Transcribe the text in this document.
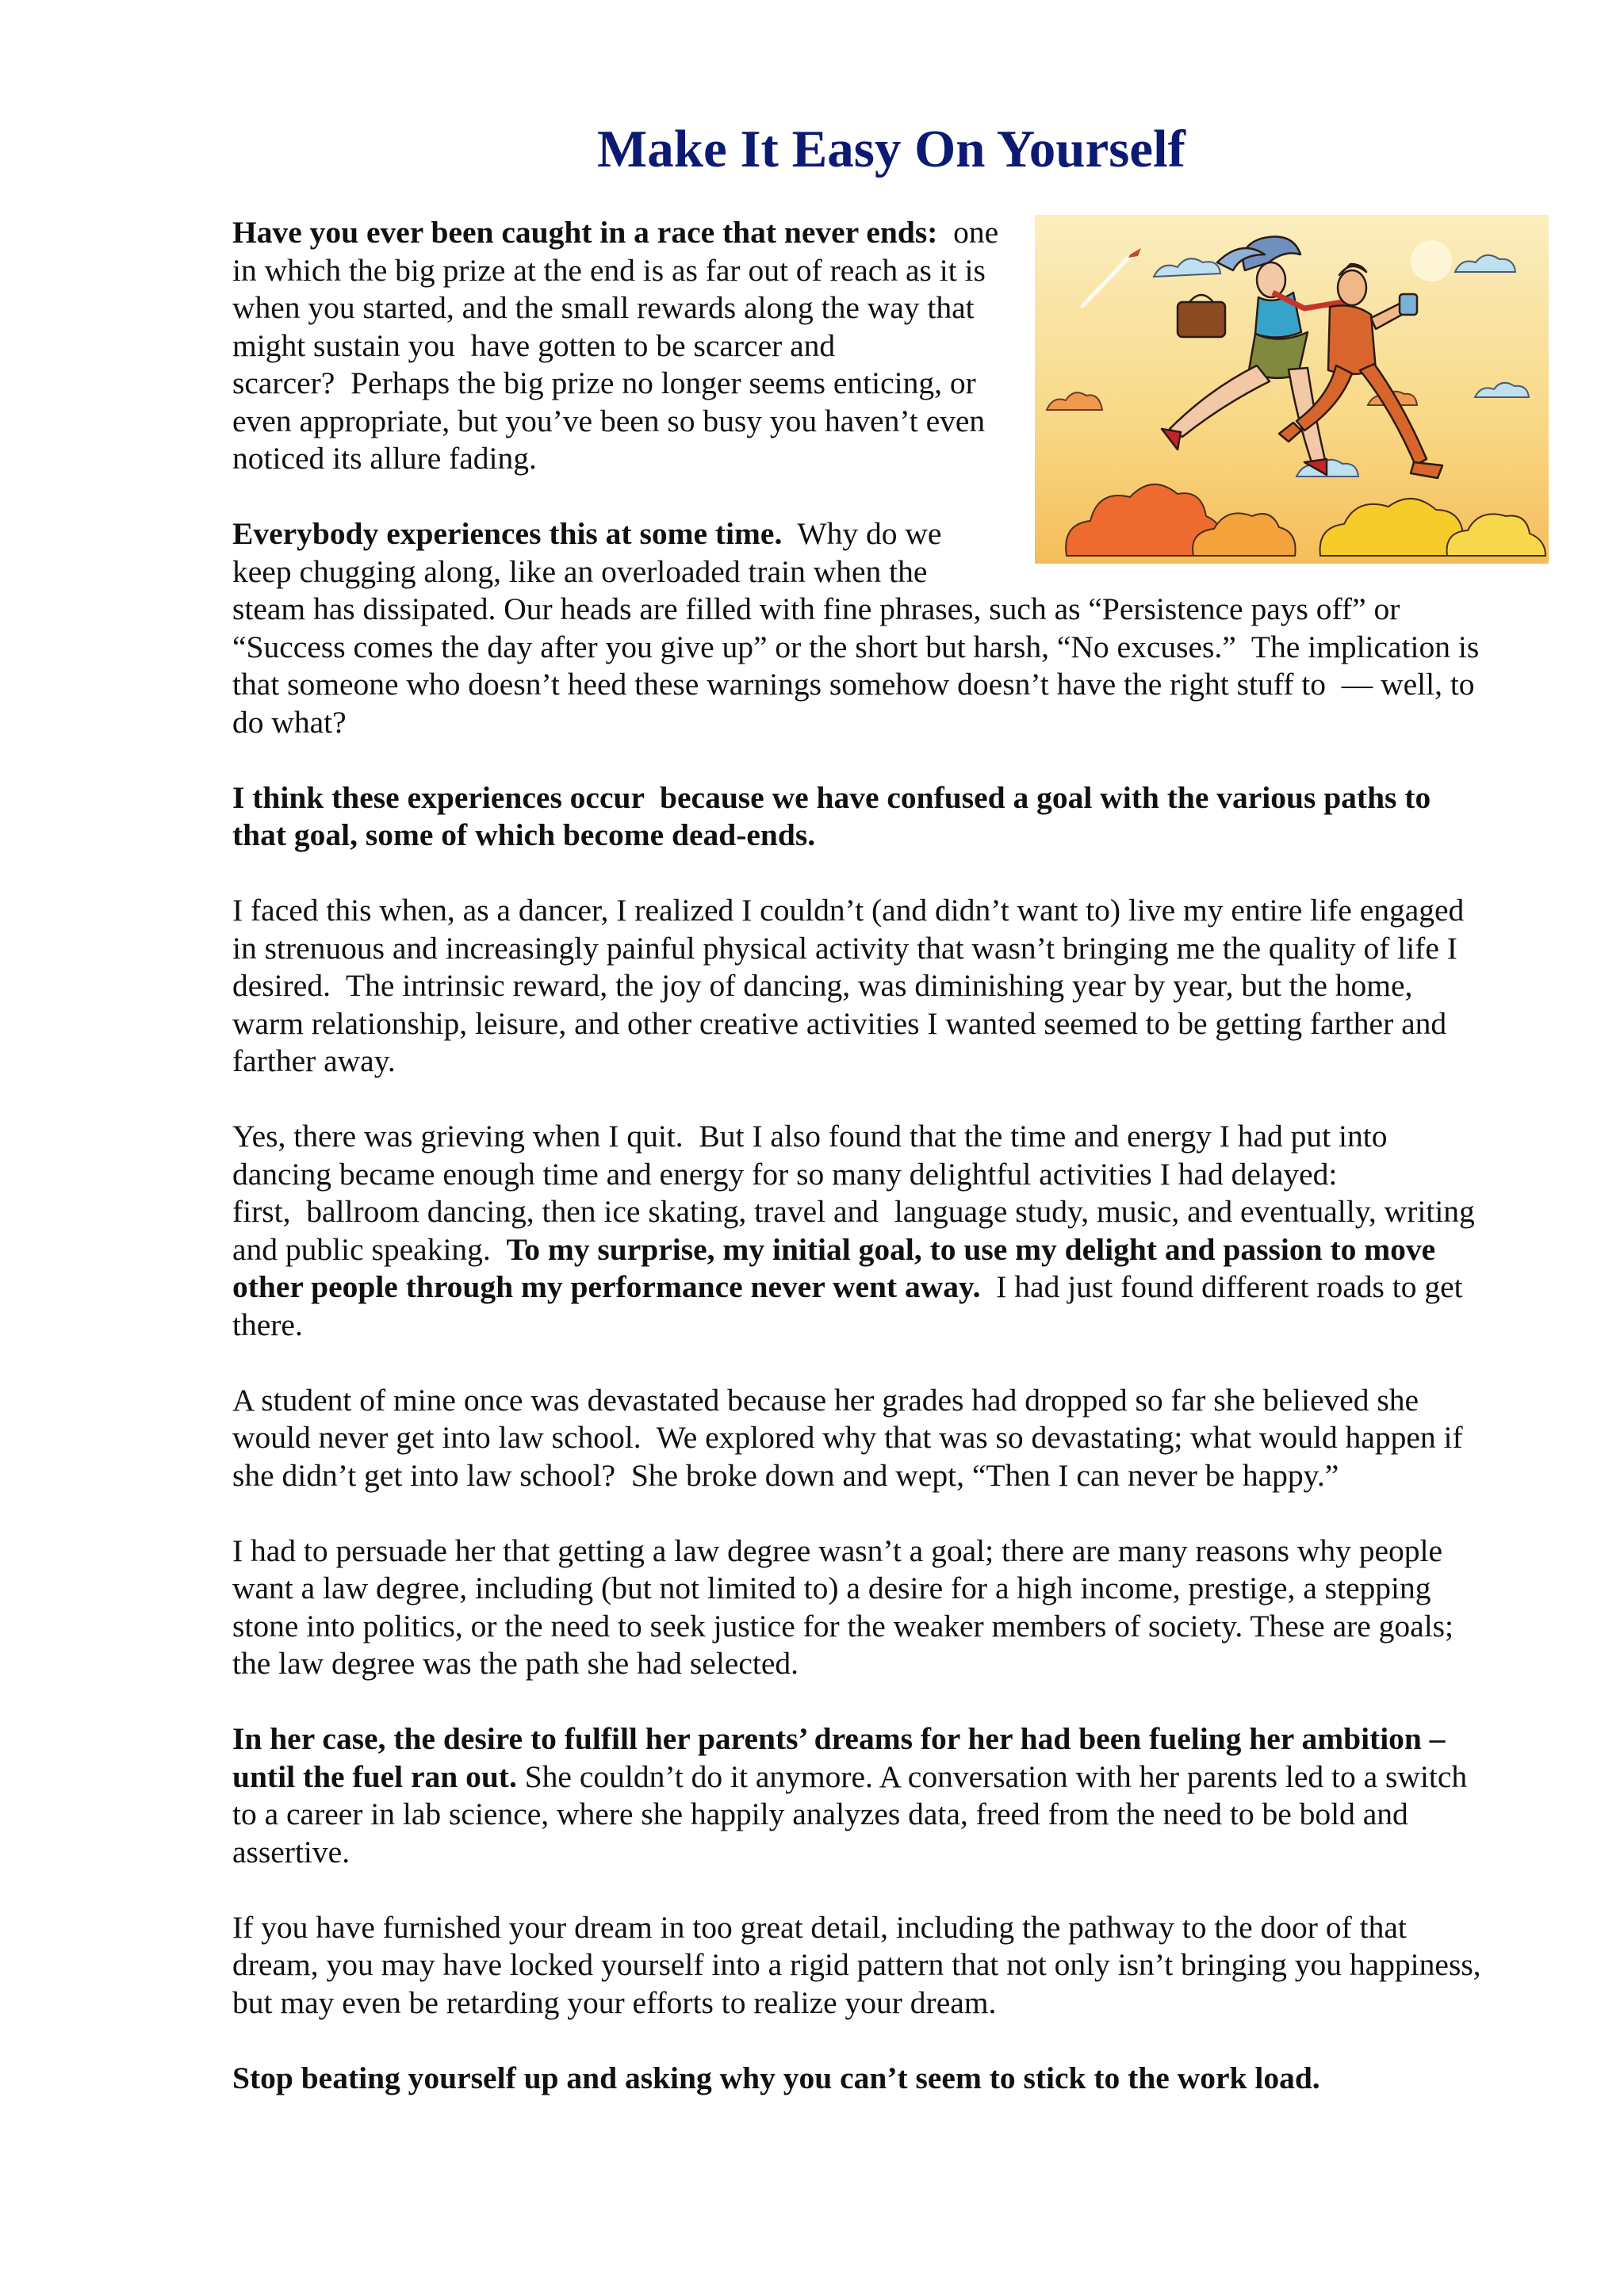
Make It Easy On Yourself

Have you ever been caught in a race that never ends:  one
in which the big prize at the end is as far out of reach as it is
when you started, and the small rewards along the way that
might sustain you  have gotten to be scarcer and
scarcer?  Perhaps the big prize no longer seems enticing, or
even appropriate, but you’ve been so busy you haven’t even
noticed its allure fading.

Everybody experiences this at some time.  Why do we
keep chugging along, like an overloaded train when the
steam has dissipated. Our heads are filled with fine phrases, such as “Persistence pays off” or
“Success comes the day after you give up” or the short but harsh, “No excuses.”  The implication is
that someone who doesn’t heed these warnings somehow doesn’t have the right stuff to  — well, to
do what?

I think these experiences occur  because we have confused a goal with the various paths to
that goal, some of which become dead-ends.

I faced this when, as a dancer, I realized I couldn’t (and didn’t want to) live my entire life engaged
in strenuous and increasingly painful physical activity that wasn’t bringing me the quality of life I
desired.  The intrinsic reward, the joy of dancing, was diminishing year by year, but the home,
warm relationship, leisure, and other creative activities I wanted seemed to be getting farther and
farther away.

Yes, there was grieving when I quit.  But I also found that the time and energy I had put into
dancing became enough time and energy for so many delightful activities I had delayed:
first,  ballroom dancing, then ice skating, travel and  language study, music, and eventually, writing
and public speaking.  To my surprise, my initial goal, to use my delight and passion to move
other people through my performance never went away.  I had just found different roads to get
there.

A student of mine once was devastated because her grades had dropped so far she believed she
would never get into law school.  We explored why that was so devastating; what would happen if
she didn’t get into law school?  She broke down and wept, “Then I can never be happy.”

I had to persuade her that getting a law degree wasn’t a goal; there are many reasons why people
want a law degree, including (but not limited to) a desire for a high income, prestige, a stepping
stone into politics, or the need to seek justice for the weaker members of society. These are goals;
the law degree was the path she had selected.

In her case, the desire to fulfill her parents’ dreams for her had been fueling her ambition –
until the fuel ran out. She couldn’t do it anymore. A conversation with her parents led to a switch
to a career in lab science, where she happily analyzes data, freed from the need to be bold and
assertive.

If you have furnished your dream in too great detail, including the pathway to the door of that
dream, you may have locked yourself into a rigid pattern that not only isn’t bringing you happiness,
but may even be retarding your efforts to realize your dream.

Stop beating yourself up and asking why you can’t seem to stick to the work load.
